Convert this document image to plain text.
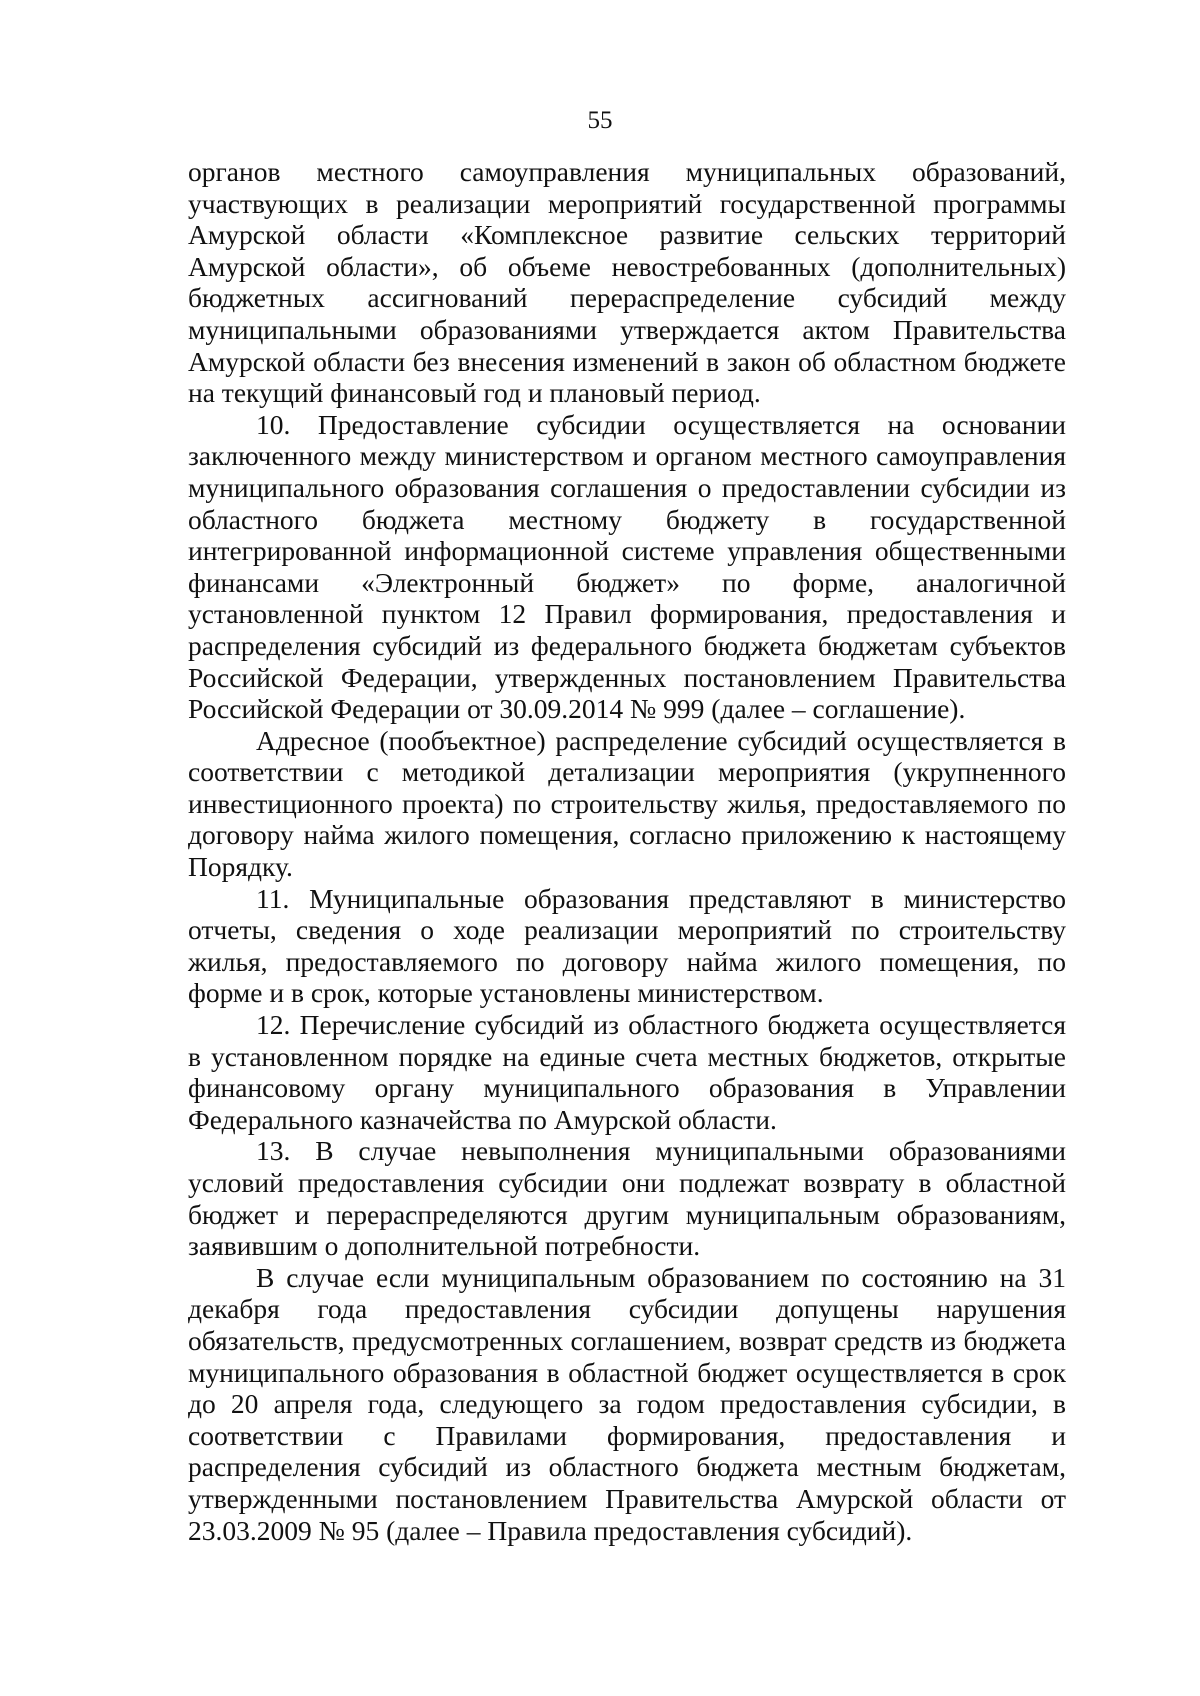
55

органов местного самоуправления муниципальных образований, участвующих в реализации мероприятий государственной программы Амурской области «Комплексное развитие сельских территорий Амурской области», об объеме невостребованных (дополнительных) бюджетных ассигнований перераспределение субсидий между муниципальными образованиями утверждается актом Правительства Амурской области без внесения изменений в закон об областном бюджете на текущий финансовый год и плановый период.

10. Предоставление субсидии осуществляется на основании заключенного между министерством и органом местного самоуправления муниципального образования соглашения о предоставлении субсидии из областного бюджета местному бюджету в государственной интегрированной информационной системе управления общественными финансами «Электронный бюджет» по форме, аналогичной установленной пунктом 12 Правил формирования, предоставления и распределения субсидий из федерального бюджета бюджетам субъектов Российской Федерации, утвержденных постановлением Правительства Российской Федерации от 30.09.2014 № 999 (далее – соглашение).

Адресное (пообъектное) распределение субсидий осуществляется в соответствии с методикой детализации мероприятия (укрупненного инвестиционного проекта) по строительству жилья, предоставляемого по договору найма жилого помещения, согласно приложению к настоящему Порядку.

11. Муниципальные образования представляют в министерство отчеты, сведения о ходе реализации мероприятий по строительству жилья, предоставляемого по договору найма жилого помещения, по форме и в срок, которые установлены министерством.

12. Перечисление субсидий из областного бюджета осуществляется в установленном порядке на единые счета местных бюджетов, открытые финансовому органу муниципального образования в Управлении Федерального казначейства по Амурской области.

13. В случае невыполнения муниципальными образованиями условий предоставления субсидии они подлежат возврату в областной бюджет и перераспределяются другим муниципальным образованиям, заявившим о дополнительной потребности.

В случае если муниципальным образованием по состоянию на 31 декабря года предоставления субсидии допущены нарушения обязательств, предусмотренных соглашением, возврат средств из бюджета муниципального образования в областной бюджет осуществляется в срок до 20 апреля года, следующего за годом предоставления субсидии, в соответствии с Правилами формирования, предоставления и распределения субсидий из областного бюджета местным бюджетам, утвержденными постановлением Правительства Амурской области от 23.03.2009 № 95 (далее – Правила предоставления субсидий).
